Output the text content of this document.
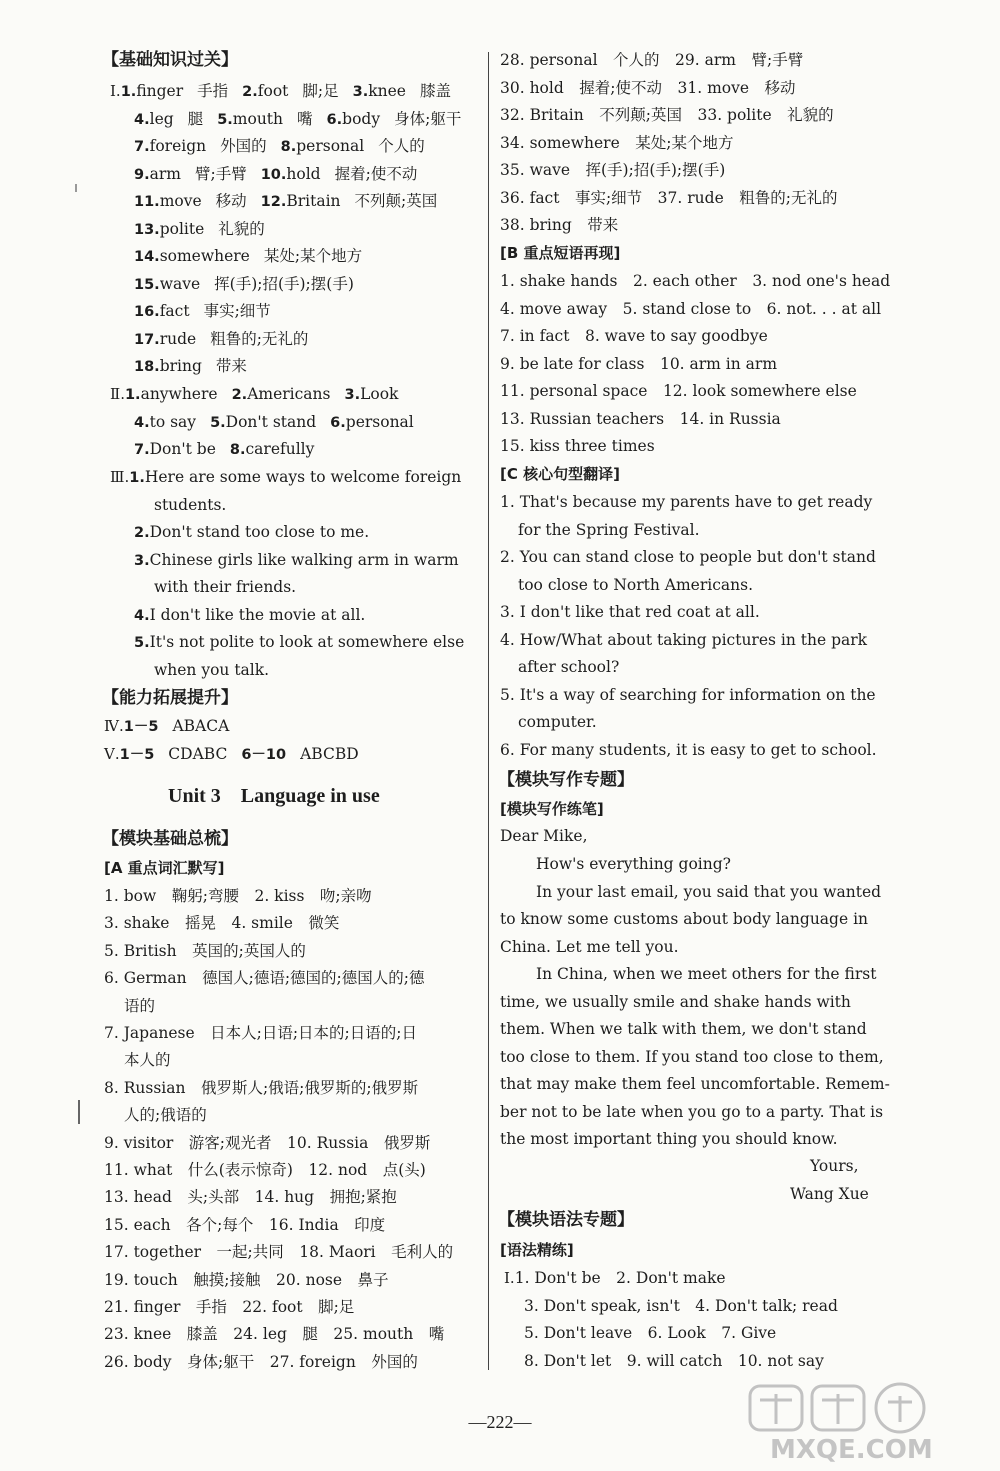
【基础知识过关】
Ⅰ.1.finger 手指 2.foot 脚;足 3.knee 膝盖
4.leg 腿 5.mouth 嘴 6.body 身体;躯干
7.foreign 外国的 8.personal 个人的
9.arm 臂;手臂 10.hold 握着;使不动
11.move 移动 12.Britain 不列颠;英国
13.polite 礼貌的
14.somewhere 某处;某个地方
15.wave 挥(手);招(手);摆(手)
16.fact 事实;细节
17.rude 粗鲁的;无礼的
18.bring 带来
Ⅱ.1.anywhere 2.Americans 3.Look
4.to say 5.Don't stand 6.personal
7.Don't be 8.carefully
Ⅲ.1.Here are some ways to welcome foreign
students.
2.Don't stand too close to me.
3.Chinese girls like walking arm in warm
with their friends.
4.I don't like the movie at all.
5.It's not polite to look at somewhere else
when you talk.
【能力拓展提升】
Ⅳ.1－5 ABACA
Ⅴ.1－5 CDABC 6－10 ABCBD
Unit 3　Language in use
【模块基础总梳】
[A 重点词汇默写]
1. bow　鞠躬;弯腰　2. kiss　吻;亲吻
3. shake　摇晃　4. smile　微笑
5. British　英国的;英国人的
6. German　德国人;德语;德国的;德国人的;德
语的
7. Japanese　日本人;日语;日本的;日语的;日
本人的
8. Russian　俄罗斯人;俄语;俄罗斯的;俄罗斯
人的;俄语的
9. visitor　游客;观光者　10. Russia　俄罗斯
11. what　什么(表示惊奇)　12. nod　点(头)
13. head　头;头部　14. hug　拥抱;紧抱
15. each　各个;每个　16. India　印度
17. together　一起;共同　18. Maori　毛利人的
19. touch　触摸;接触　20. nose　鼻子
21. finger　手指　22. foot　脚;足
23. knee　膝盖　24. leg　腿　25. mouth　嘴
26. body　身体;躯干　27. foreign　外国的
28. personal　个人的　29. arm　臂;手臂
30. hold　握着;使不动　31. move　移动
32. Britain　不列颠;英国　33. polite　礼貌的
34. somewhere　某处;某个地方
35. wave　挥(手);招(手);摆(手)
36. fact　事实;细节　37. rude　粗鲁的;无礼的
38. bring　带来
[B 重点短语再现]
1. shake hands　2. each other　3. nod one's head
4. move away　5. stand close to　6. not. . . at all
7. in fact　8. wave to say goodbye
9. be late for class　10. arm in arm
11. personal space　12. look somewhere else
13. Russian teachers　14. in Russia
15. kiss three times
[C 核心句型翻译]
1. That's because my parents have to get ready
for the Spring Festival.
2. You can stand close to people but don't stand
too close to North Americans.
3. I don't like that red coat at all.
4. How/What about taking pictures in the park
after school?
5. It's a way of searching for information on the
computer.
6. For many students, it is easy to get to school.
【模块写作专题】
[模块写作练笔]
Dear Mike,
How's everything going?
In your last email, you said that you wanted
to know some customs about body language in
China. Let me tell you.
In China, when we meet others for the first
time, we usually smile and shake hands with
them. When we talk with them, we don't stand
too close to them. If you stand too close to them,
that may make them feel uncomfortable. Remem-
ber not to be late when you go to a party. That is
the most important thing you should know.
Yours,
Wang Xue
【模块语法专题】
[语法精练]
Ⅰ.1. Don't be　2. Don't make
3. Don't speak, isn't　4. Don't talk; read
5. Don't leave　6. Look　7. Give
8. Don't let　9. will catch　10. not say
—222—
MXQE.COM
